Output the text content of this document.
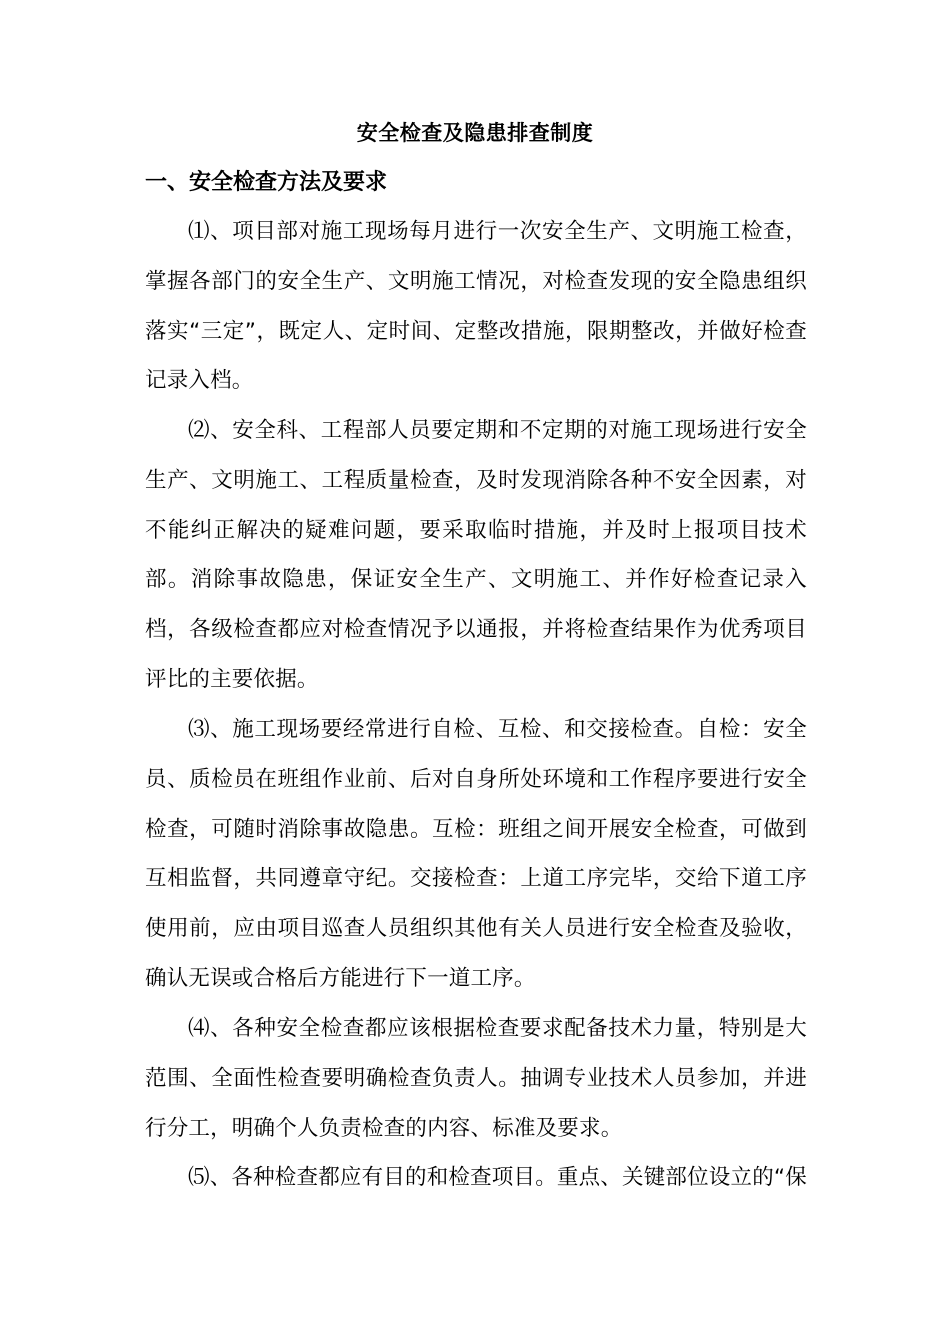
安全检查及隐患排查制度
一、安全检查方法及要求

⑴、项目部对施工现场每月进行一次安全生产、文明施工检查，掌握各部门的安全生产、文明施工情况，对检查发现的安全隐患组织落实“三定”，既定人、定时间、定整改措施，限期整改，并做好检查记录入档。

⑵、安全科、工程部人员要定期和不定期的对施工现场进行安全生产、文明施工、工程质量检查，及时发现消除各种不安全因素，对不能纠正解决的疑难问题，要采取临时措施，并及时上报项目技术部。消除事故隐患，保证安全生产、文明施工、并作好检查记录入档，各级检查都应对检查情况予以通报，并将检查结果作为优秀项目评比的主要依据。

⑶、施工现场要经常进行自检、互检、和交接检查。自检：安全员、质检员在班组作业前、后对自身所处环境和工作程序要进行安全检查，可随时消除事故隐患。互检：班组之间开展安全检查，可做到互相监督，共同遵章守纪。交接检查：上道工序完毕，交给下道工序使用前，应由项目巡查人员组织其他有关人员进行安全检查及验收，确认无误或合格后方能进行下一道工序。

⑷、各种安全检查都应该根据检查要求配备技术力量，特别是大范围、全面性检查要明确检查负责人。抽调专业技术人员参加，并进行分工，明确个人负责检查的内容、标准及要求。

⑸、各种检查都应有目的和检查项目。重点、关键部位设立的“保
